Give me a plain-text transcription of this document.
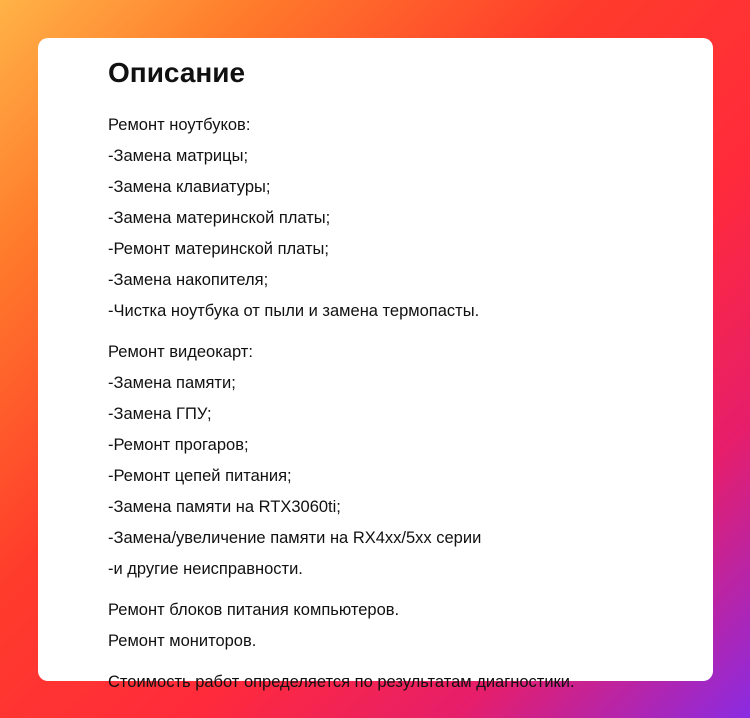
Описание
Ремонт ноутбуков:
-Замена матрицы;
-Замена клавиатуры;
-Замена материнской платы;
-Ремонт материнской платы;
-Замена накопителя;
-Чистка ноутбука от пыли и замена термопасты.
Ремонт видеокарт:
-Замена памяти;
-Замена ГПУ;
-Ремонт прогаров;
-Ремонт цепей питания;
-Замена памяти на RTX3060ti;
-Замена/увеличение памяти на RX4xx/5xx серии
-и другие неисправности.
Ремонт блоков питания компьютеров.
Ремонт мониторов.
Стоимость работ определяется по результатам диагностики.
